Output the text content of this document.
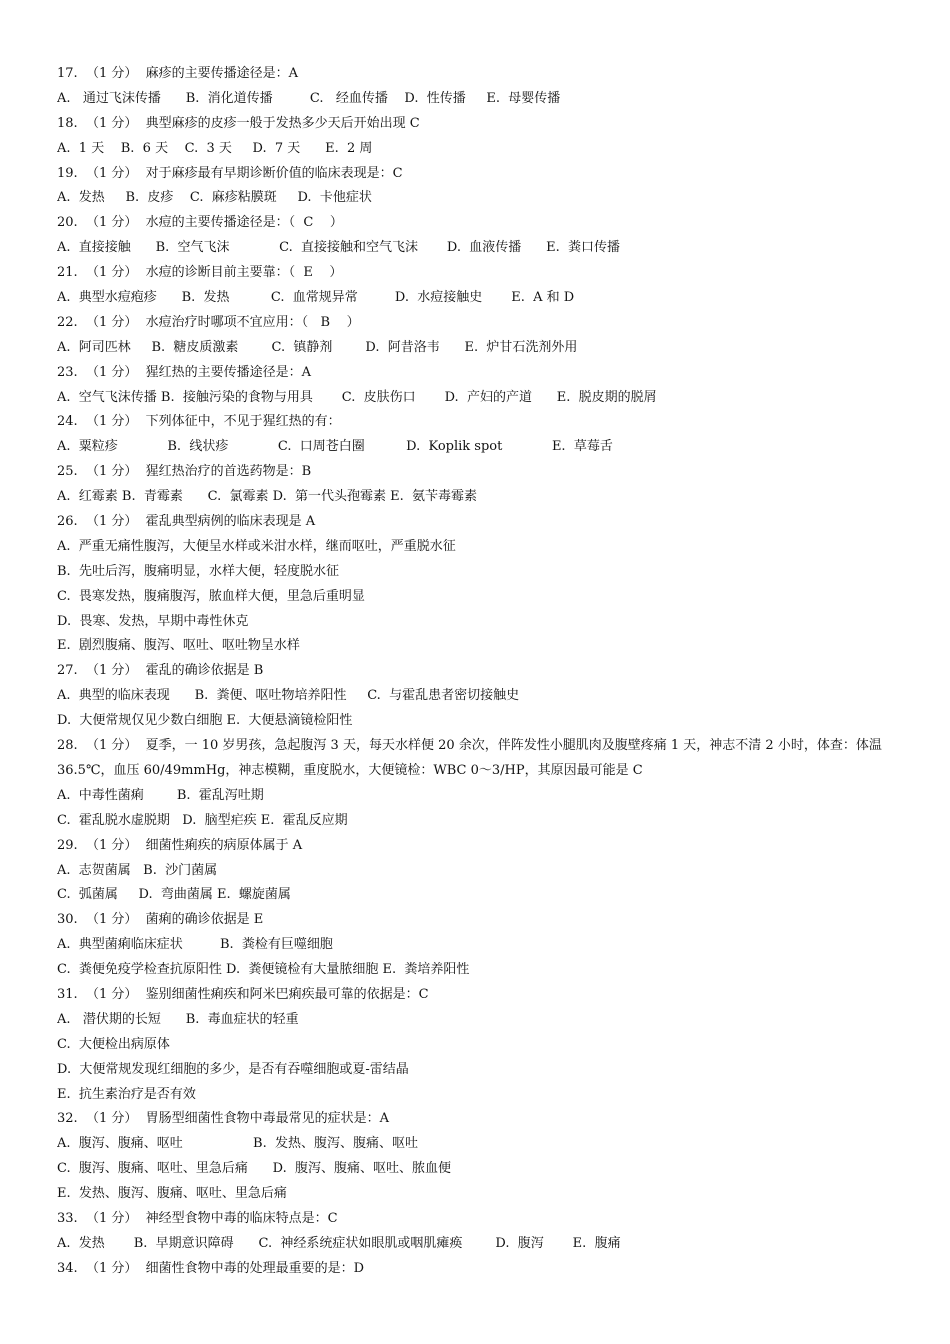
17.  （1 分）  麻疹的主要传播途径是：A
A.   通过飞沫传播      B.  消化道传播         C.   经血传播    D.  性传播     E.  母婴传播
18.  （1 分）  典型麻疹的皮疹一般于发热多少天后开始出现 C
A.  1 天    B.  6 天    C.  3 天     D.  7 天      E.  2 周
19.  （1 分）  对于麻疹最有早期诊断价值的临床表现是：C
A.  发热     B.  皮疹    C.  麻疹粘膜斑     D.  卡他症状
20.  （1 分）  水痘的主要传播途径是：（  C    ）
A.  直接接触      B.  空气飞沫            C.  直接接触和空气飞沫       D.  血液传播      E.  粪口传播
21.  （1 分）  水痘的诊断目前主要靠：（  E    ）
A.  典型水痘疱疹      B.  发热          C.  血常规异常         D.  水痘接触史       E.  A 和 D
22.  （1 分）  水痘治疗时哪项不宜应用：（   B    ）
A.  阿司匹林     B.  糖皮质激素        C.  镇静剂        D.  阿昔洛韦      E.  炉甘石洗剂外用
23.  （1 分）  猩红热的主要传播途径是：A
A.  空气飞沫传播 B.  接触污染的食物与用具       C.  皮肤伤口       D.  产妇的产道      E.  脱皮期的脱屑
24.  （1 分）  下列体征中，不见于猩红热的有：
A.  粟粒疹            B.  线状疹            C.  口周苍白圈          D.  Koplik spot            E.  草莓舌
25.  （1 分）  猩红热治疗的首选药物是：B
A.  红霉素 B.  青霉素      C.  氯霉素 D.  第一代头孢霉素 E.  氨苄毒霉素
26.  （1 分）  霍乱典型病例的临床表现是 A
A.  严重无痛性腹泻，大便呈水样或米泔水样，继而呕吐，严重脱水征
B.  先吐后泻，腹痛明显，水样大便，轻度脱水征
C.  畏寒发热，腹痛腹泻，脓血样大便，里急后重明显
D.  畏寒、发热，早期中毒性休克
E.  剧烈腹痛、腹泻、呕吐、呕吐物呈水样
27.  （1 分）  霍乱的确诊依据是 B
A.  典型的临床表现      B.  粪便、呕吐物培养阳性     C.  与霍乱患者密切接触史
D.  大便常规仅见少数白细胞 E.  大便悬滴镜检阳性
28.  （1 分）  夏季，一 10 岁男孩，急起腹泻 3 天，每天水样便 20 余次，伴阵发性小腿肌肉及腹壁疼痛 1 天，神志不清 2 小时，体查：体温
36.5℃，血压 60/49mmHg，神志模糊，重度脱水，大便镜检：WBC 0～3/HP，其原因最可能是 C
A.  中毒性菌痢        B.  霍乱泻吐期
C.  霍乱脱水虚脱期   D.  脑型疟疾 E.  霍乱反应期
29.  （1 分）  细菌性痢疾的病原体属于 A
A.  志贺菌属   B.  沙门菌属
C.  弧菌属     D.  弯曲菌属 E.  螺旋菌属
30.  （1 分）  菌痢的确诊依据是 E
A.  典型菌痢临床症状         B.  粪检有巨噬细胞
C.  粪便免疫学检查抗原阳性 D.  粪便镜检有大量脓细胞 E.  粪培养阳性
31.  （1 分）  鉴别细菌性痢疾和阿米巴痢疾最可靠的依据是：C
A.   潜伏期的长短      B.  毒血症状的轻重
C.  大便检出病原体
D.  大便常规发现红细胞的多少，是否有吞噬细胞或夏-雷结晶
E.  抗生素治疗是否有效
32.  （1 分）  胃肠型细菌性食物中毒最常见的症状是：A
A.  腹泻、腹痛、呕吐                 B.  发热、腹泻、腹痛、呕吐
C.  腹泻、腹痛、呕吐、里急后痛      D.  腹泻、腹痛、呕吐、脓血便
E.  发热、腹泻、腹痛、呕吐、里急后痛
33.  （1 分）  神经型食物中毒的临床特点是：C
A.  发热       B.  早期意识障碍      C.  神经系统症状如眼肌或咽肌瘫痪        D.  腹泻       E.  腹痛
34.  （1 分）  细菌性食物中毒的处理最重要的是：D
